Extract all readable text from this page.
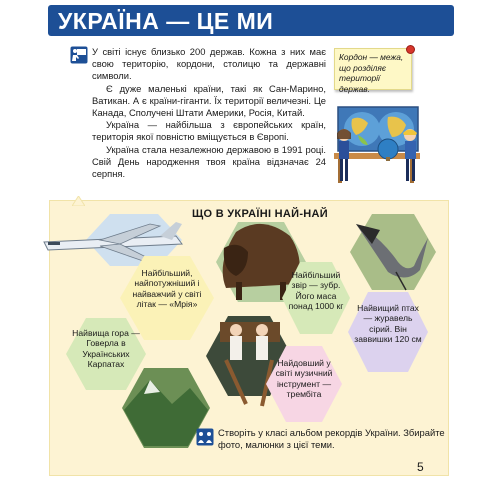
УКРАЇНА — ЦЕ МИ

У світі існує близько 200 держав. Кожна з них має свою територію, кордони, столицю та державні символи.

Є дуже маленькі країни, такі як Сан-Марино, Ватикан. А є країни-гіганти. Їх території величезні. Це Канада, Сполучені Штати Америки, Росія, Китай.

Україна — найбільша з європейських країн, територія якої повністю вміщується в Європі.

Україна стала незалежною державою в 1991 році. Свій День народження твоя країна відзначає 24 серпня.

Кордон — межа, що розділяє території держав.
ЩО В УКРАЇНІ НАЙ-НАЙ
Найбільший, найпотужніший і найважчий у світі літак — «Мрія»
Найбільший звір — зубр. Його маса понад 1000 кг	Найвищий птах — журавель сірий. Він заввишки 120 см
Найвища гора — Говерла в Українських Карпатах	Найдовший у світі музичний інструмент — трембіта
Створіть у класі альбом рекордів України. Збирайте фото, малюнки з цієї теми.
5
